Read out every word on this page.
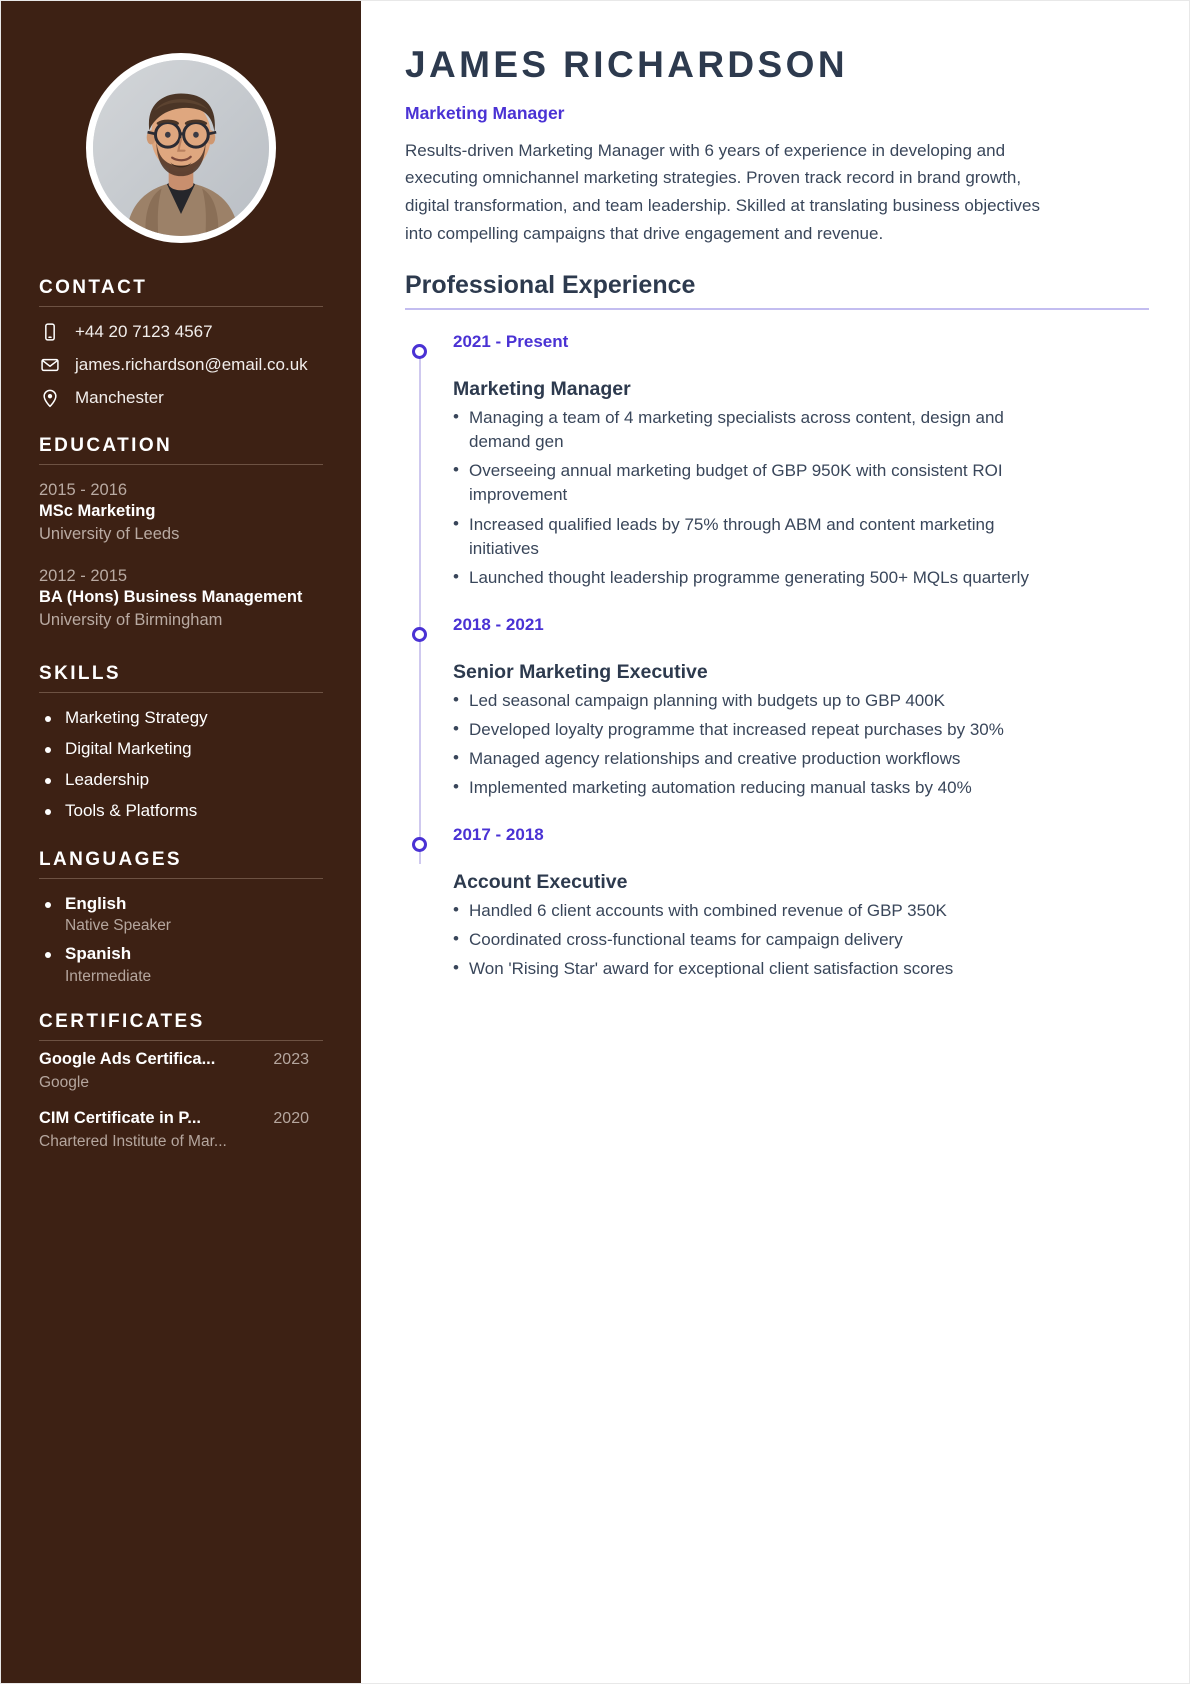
CONTACT
+44 20 7123 4567
james.richardson@email.co.uk
Manchester
EDUCATION
2015 - 2016
MSc Marketing
University of Leeds
2012 - 2015
BA (Hons) Business Management
University of Birmingham
SKILLS
Marketing Strategy
Digital Marketing
Leadership
Tools & Platforms
LANGUAGES
English
Native Speaker
Spanish
Intermediate
CERTIFICATES
Google Ads Certifica...	2023
Google
CIM Certificate in P...	2020
Chartered Institute of Mar...
JAMES RICHARDSON
Marketing Manager

Results-driven Marketing Manager with 6 years of experience in developing and executing omnichannel marketing strategies. Proven track record in brand growth, digital transformation, and team leadership. Skilled at translating business objectives into compelling campaigns that drive engagement and revenue.

Professional Experience
2021 - Present
Marketing Manager
• Managing a team of 4 marketing specialists across content, design and demand gen
• Overseeing annual marketing budget of GBP 950K with consistent ROI improvement
• Increased qualified leads by 75% through ABM and content marketing initiatives
• Launched thought leadership programme generating 500+ MQLs quarterly
2018 - 2021
Senior Marketing Executive
• Led seasonal campaign planning with budgets up to GBP 400K
• Developed loyalty programme that increased repeat purchases by 30%
• Managed agency relationships and creative production workflows
• Implemented marketing automation reducing manual tasks by 40%
2017 - 2018
Account Executive
• Handled 6 client accounts with combined revenue of GBP 350K
• Coordinated cross-functional teams for campaign delivery
• Won 'Rising Star' award for exceptional client satisfaction scores
